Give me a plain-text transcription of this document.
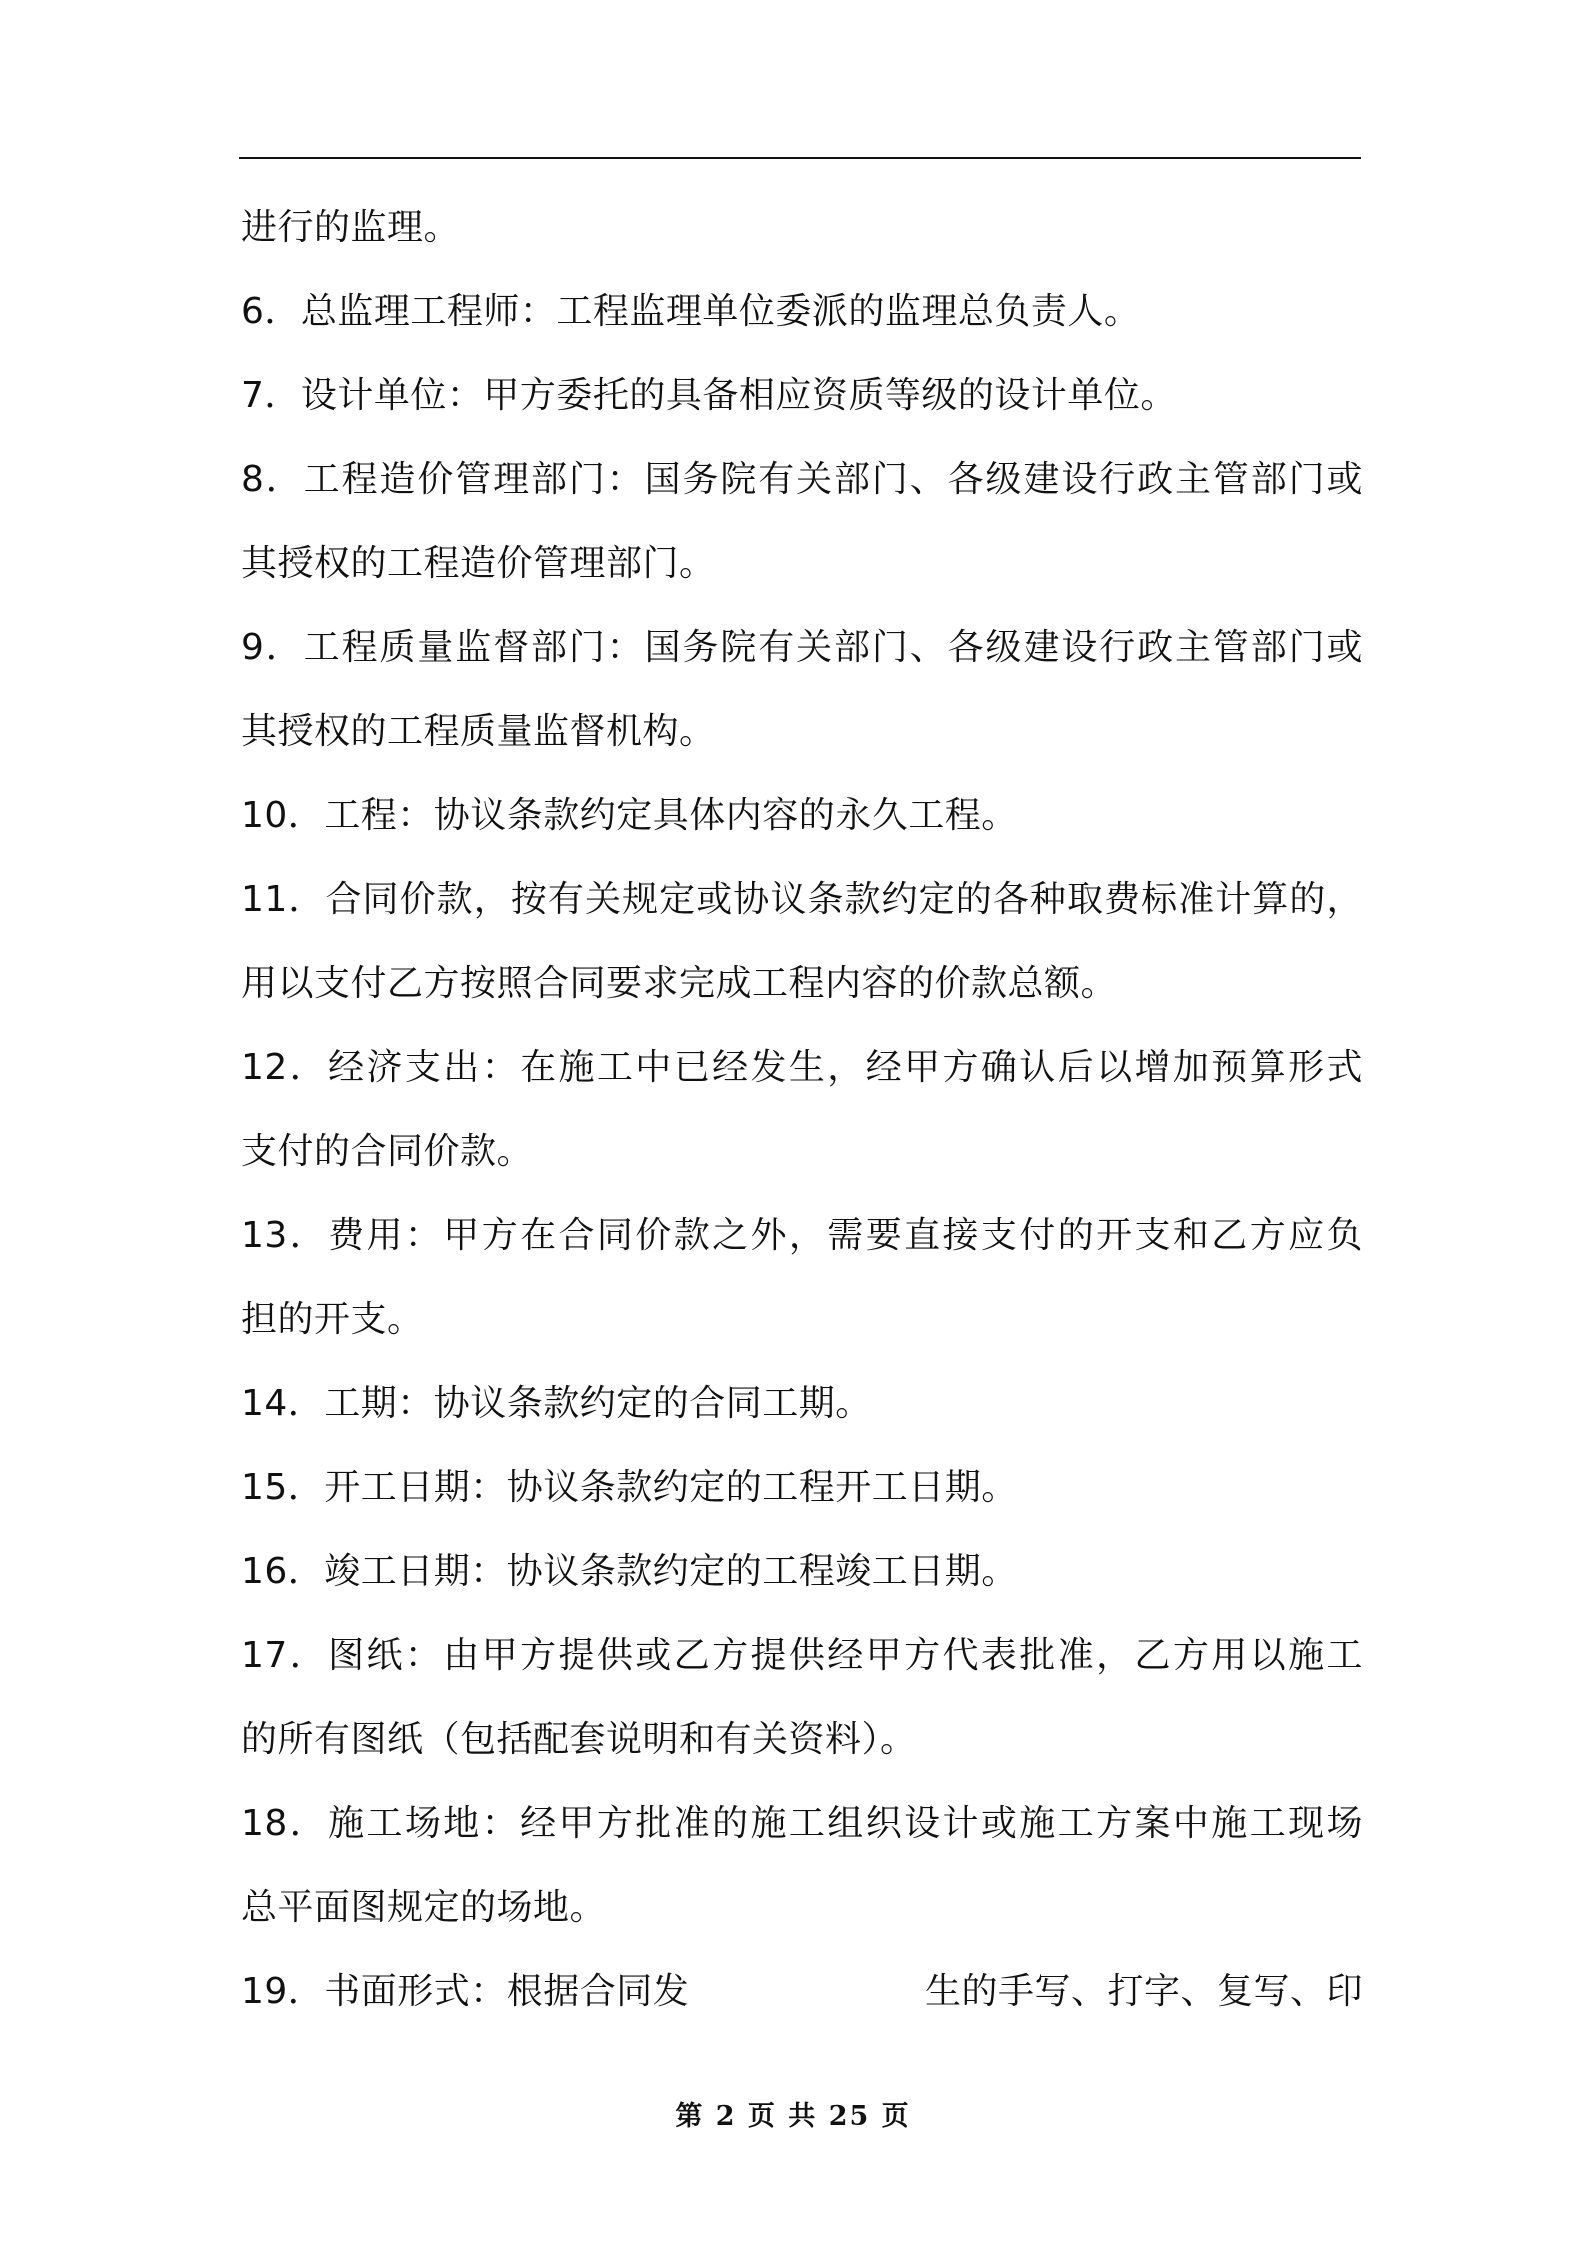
进行的监理。
6．总监理工程师：工程监理单位委派的监理总负责人。
7．设计单位：甲方委托的具备相应资质等级的设计单位。
8．工程造价管理部门：国务院有关部门、各级建设行政主管部门或
其授权的工程造价管理部门。
9．工程质量监督部门：国务院有关部门、各级建设行政主管部门或
其授权的工程质量监督机构。
10．工程：协议条款约定具体内容的永久工程。
11．合同价款，按有关规定或协议条款约定的各种取费标准计算的，
用以支付乙方按照合同要求完成工程内容的价款总额。
12．经济支出：在施工中已经发生，经甲方确认后以增加预算形式
支付的合同价款。
13．费用：甲方在合同价款之外，需要直接支付的开支和乙方应负
担的开支。
14．工期：协议条款约定的合同工期。
15．开工日期：协议条款约定的工程开工日期。
16．竣工日期：协议条款约定的工程竣工日期。
17．图纸：由甲方提供或乙方提供经甲方代表批准，乙方用以施工
的所有图纸（包括配套说明和有关资料）。
18．施工场地：经甲方批准的施工组织设计或施工方案中施工现场
总平面图规定的场地。
19．书面形式：根据合同发	生的手写、打字、复写、印
第 2 页 共 25 页
